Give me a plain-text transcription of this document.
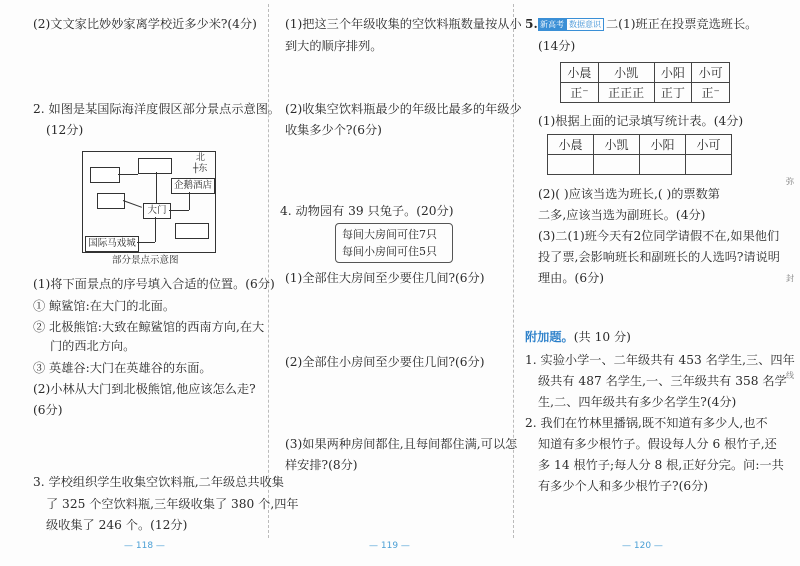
(2)文文家比妙妙家离学校近多少米?(4分)
2. 如图是某国际海洋度假区部分景点示意图。
(12分)
企鹅酒店
大门
国际马戏城
北
┼东
部分景点示意图
(1)将下面景点的序号填入合适的位置。(6分)
① 鲸鲨馆:在大门的北面。
② 北极熊馆:大致在鲸鲨馆的西南方向,在大
门的西北方向。
③ 英雄谷:大门在英雄谷的东面。
(2)小林从大门到北极熊馆,他应该怎么走?
(6分)
3. 学校组织学生收集空饮料瓶,二年级总共收集
了 325 个空饮料瓶,三年级收集了 380 个,四年
级收集了 246 个。(12分)
— 118 —
(1)把这三个年级收集的空饮料瓶数量按从小
到大的顺序排列。
(2)收集空饮料瓶最少的年级比最多的年级少
收集多少个?(6分)
4. 动物园有 39 只兔子。(20分)
每间大房间可住7只
每间小房间可住5只
(1)全部住大房间至少要住几间?(6分)
(2)全部住小房间至少要住几间?(6分)
(3)如果两种房间都住,且每间都住满,可以怎
样安排?(8分)
— 119 —
5. 新高考 数据意识 二(1)班正在投票竞选班长。
(14分)
小晨	小凯	小阳	小可
正⁻	正正正	正丁	正⁻
(1)根据上面的记录填写统计表。(4分)
小晨	小凯	小阳	小可

(2)( )应该当选为班长,( )的票数第
二多,应该当选为副班长。(4分)
(3)二(1)班今天有2位同学请假不在,如果他们
投了票,会影响班长和副班长的人选吗?请说明
理由。(6分)
附加题。(共 10 分)
1. 实验小学一、二年级共有 453 名学生,三、四年
级共有 487 名学生,一、三年级共有 358 名学
生,二、四年级共有多少名学生?(4分)
2. 我们在竹林里播锅,既不知道有多少人,也不
知道有多少根竹子。假设每人分 6 根竹子,还
多 14 根竹子;每人分 8 根,正好分完。问:一共
有多少个人和多少根竹子?(6分)
弥
封
线
— 120 —
